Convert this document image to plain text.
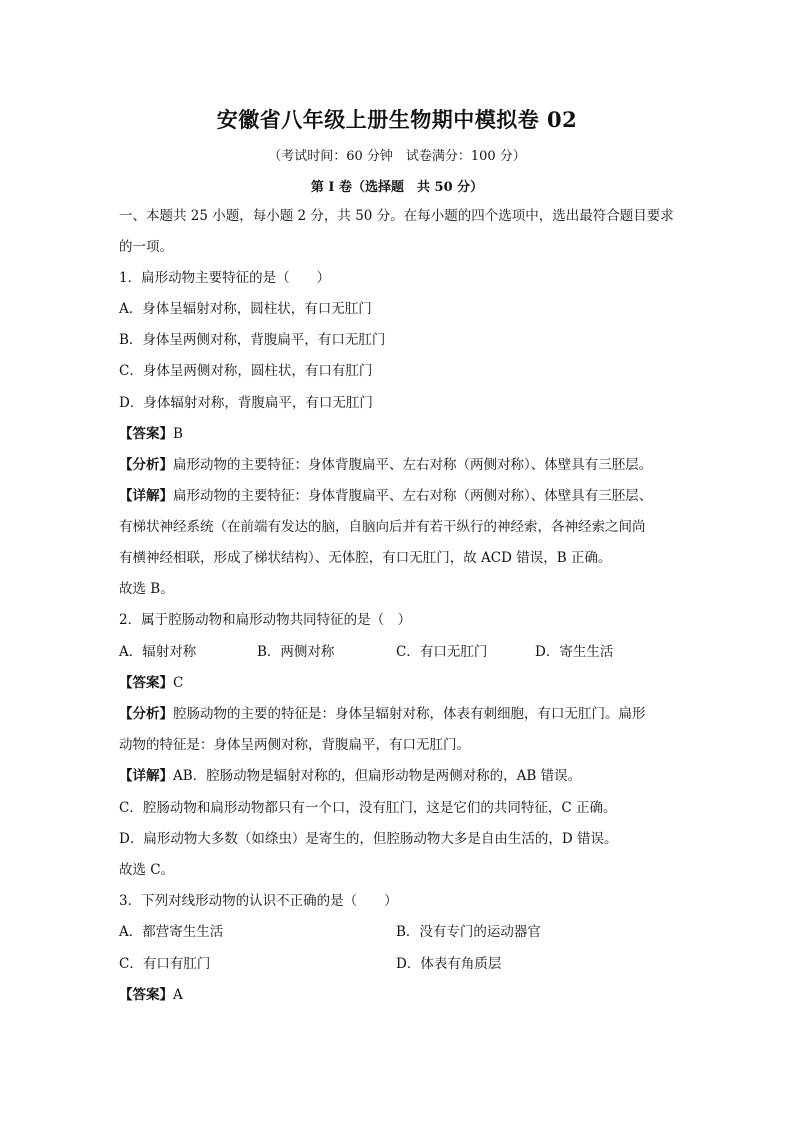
安徽省八年级上册生物期中模拟卷 02
（考试时间：60 分钟　试卷满分：100 分）
第 I 卷（选择题　共 50 分）
一、本题共 25 小题，每小题 2 分，共 50 分。在每小题的四个选项中，选出最符合题目要求
的一项。
1．扁形动物主要特征的是（　　）
A．身体呈辐射对称，圆柱状，有口无肛门
B．身体呈两侧对称，背腹扁平，有口无肛门
C．身体呈两侧对称，圆柱状，有口有肛门
D．身体辐射对称，背腹扁平，有口无肛门
【答案】B
【分析】扁形动物的主要特征：身体背腹扁平、左右对称（两侧对称）、体壁具有三胚层。
【详解】扁形动物的主要特征：身体背腹扁平、左右对称（两侧对称）、体壁具有三胚层、
有梯状神经系统（在前端有发达的脑，自脑向后并有若干纵行的神经索，各神经索之间尚
有横神经相联，形成了梯状结构）、无体腔，有口无肛门，故 ACD 错误，B 正确。
故选 B。
2．属于腔肠动物和扁形动物共同特征的是（　）
A．辐射对称	B．两侧对称	C．有口无肛门	D．寄生生活
【答案】C
【分析】腔肠动物的主要的特征是：身体呈辐射对称，体表有刺细胞，有口无肛门。扁形
动物的特征是：身体呈两侧对称，背腹扁平，有口无肛门。
【详解】AB．腔肠动物是辐射对称的，但扁形动物是两侧对称的，AB 错误。
C．腔肠动物和扁形动物都只有一个口，没有肛门，这是它们的共同特征，C 正确。
D．扁形动物大多数（如绦虫）是寄生的，但腔肠动物大多是自由生活的，D 错误。
故选 C。
3．下列对线形动物的认识不正确的是（　　）
A．都营寄生生活	B．没有专门的运动器官
C．有口有肛门	D．体表有角质层
【答案】A
